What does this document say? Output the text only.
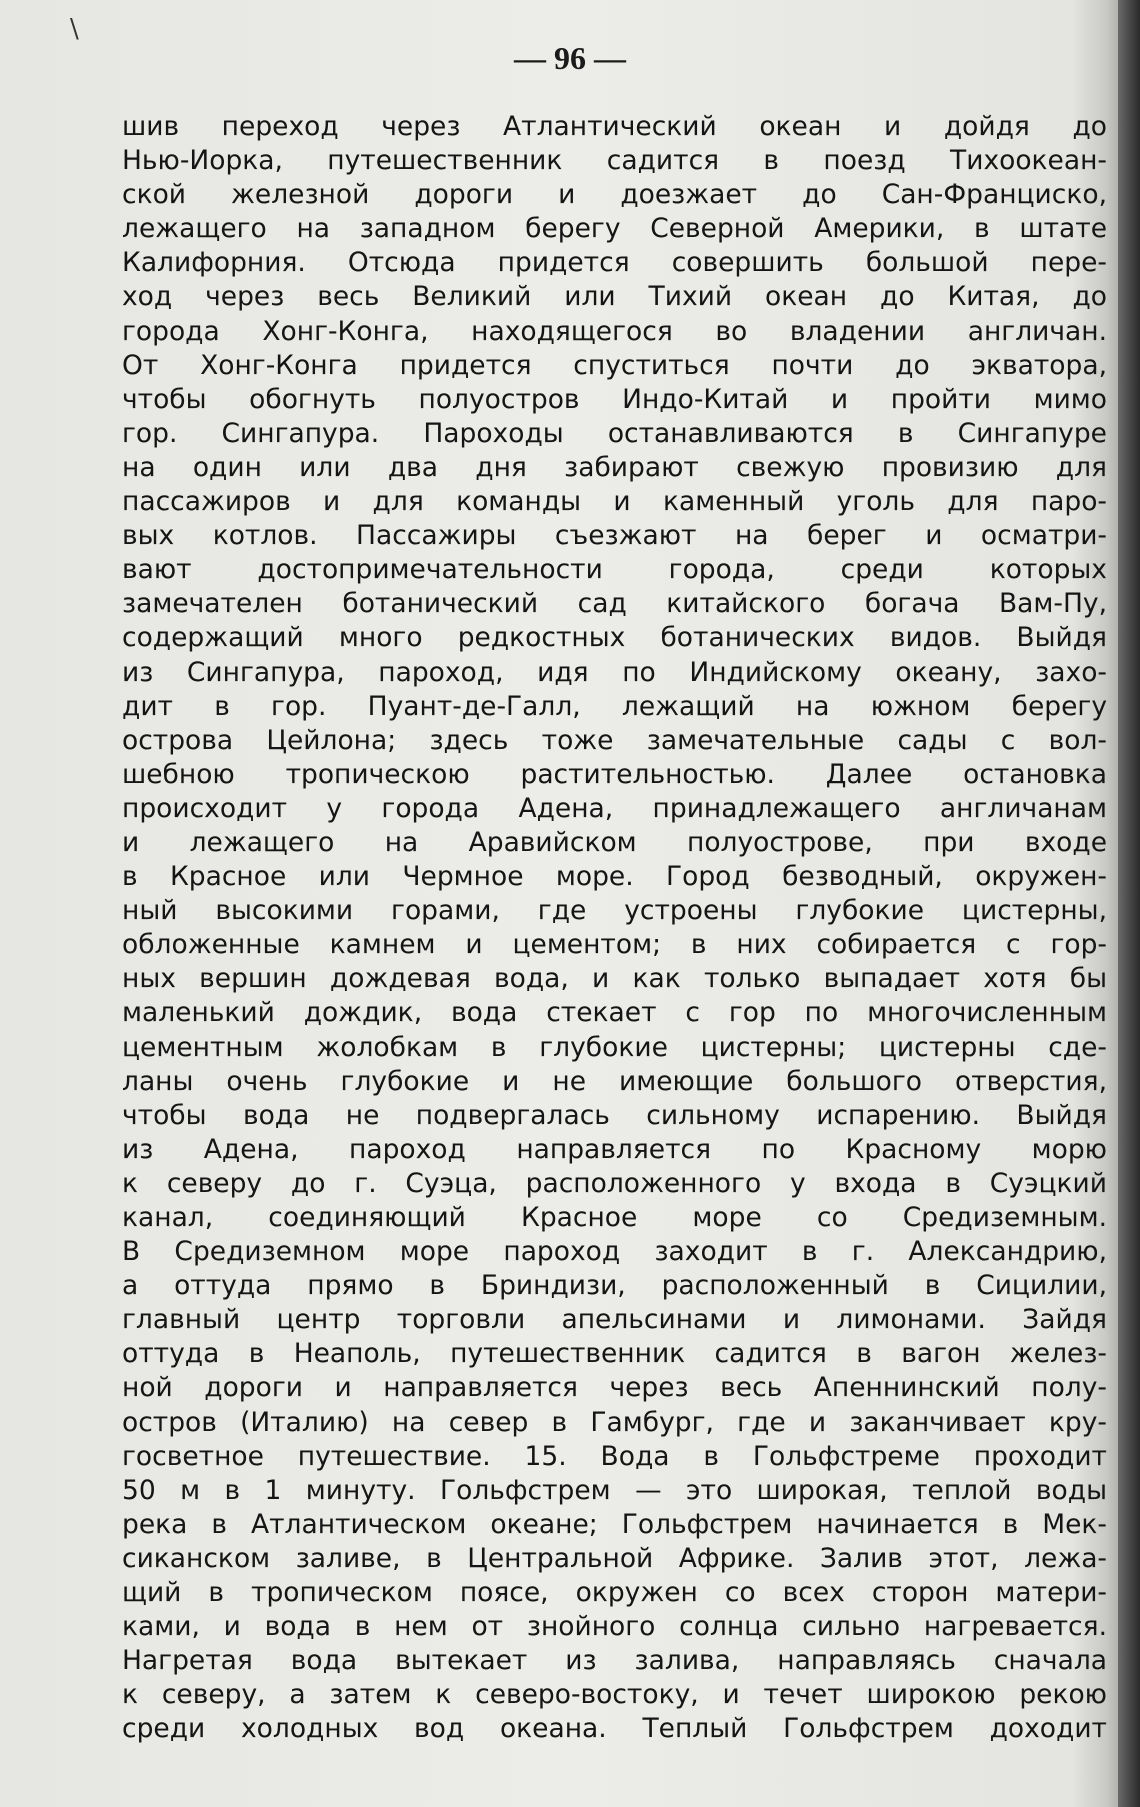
\
— 96 —
шив переход через Атлантический океан и дойдя до
Нью-Иорка, путешественник садится в поезд Тихоокеан-
ской железной дороги и доезжает до Сан-Франциско,
лежащего на западном берегу Северной Америки, в штате
Калифорния. Отсюда придется совершить большой пере-
ход через весь Великий или Тихий океан до Китая, до
города Хонг-Конга, находящегося во владении англичан.
От Хонг-Конга придется спуститься почти до экватора,
чтобы обогнуть полуостров Индо-Китай и пройти мимо
гор. Сингапура. Пароходы останавливаются в Сингапуре
на один или два дня забирают свежую провизию для
пассажиров и для команды и каменный уголь для паро-
вых котлов. Пассажиры съезжают на берег и осматри-
вают достопримечательности города, среди которых
замечателен ботанический сад китайского богача Вам-Пу,
содержащий много редкостных ботанических видов. Выйдя
из Сингапура, пароход, идя по Индийскому океану, захо-
дит в гор. Пуант-де-Галл, лежащий на южном берегу
острова Цейлона; здесь тоже замечательные сады с вол-
шебною тропическою растительностью. Далее остановка
происходит у города Адена, принадлежащего англичанам
и лежащего на Аравийском полуострове, при входе
в Красное или Чермное море. Город безводный, окружен-
ный высокими горами, где устроены глубокие цистерны,
обложенные камнем и цементом; в них собирается с гор-
ных вершин дождевая вода, и как только выпадает хотя бы
маленький дождик, вода стекает с гор по многочисленным
цементным жолобкам в глубокие цистерны; цистерны сде-
ланы очень глубокие и не имеющие большого отверстия,
чтобы вода не подвергалась сильному испарению. Выйдя
из Адена, пароход направляется по Красному морю
к северу до г. Суэца, расположенного у входа в Суэцкий
канал, соединяющий Красное море со Средиземным.
В Средиземном море пароход заходит в г. Александрию,
а оттуда прямо в Бриндизи, расположенный в Сицилии,
главный центр торговли апельсинами и лимонами. Зайдя
оттуда в Неаполь, путешественник садится в вагон желез-
ной дороги и направляется через весь Апеннинский полу-
остров (Италию) на север в Гамбург, где и заканчивает кру-
госветное путешествие. 15. Вода в Гольфстреме проходит
50 м в 1 минуту. Гольфстрем — это широкая, теплой воды
река в Атлантическом океане; Гольфстрем начинается в Мек-
сиканском заливе, в Центральной Африке. Залив этот, лежа-
щий в тропическом поясе, окружен со всех сторон матери-
ками, и вода в нем от знойного солнца сильно нагревается.
Нагретая вода вытекает из залива, направляясь сначала
к северу, а затем к северо-востоку, и течет широкою рекою
среди холодных вод океана. Теплый Гольфстрем доходит
